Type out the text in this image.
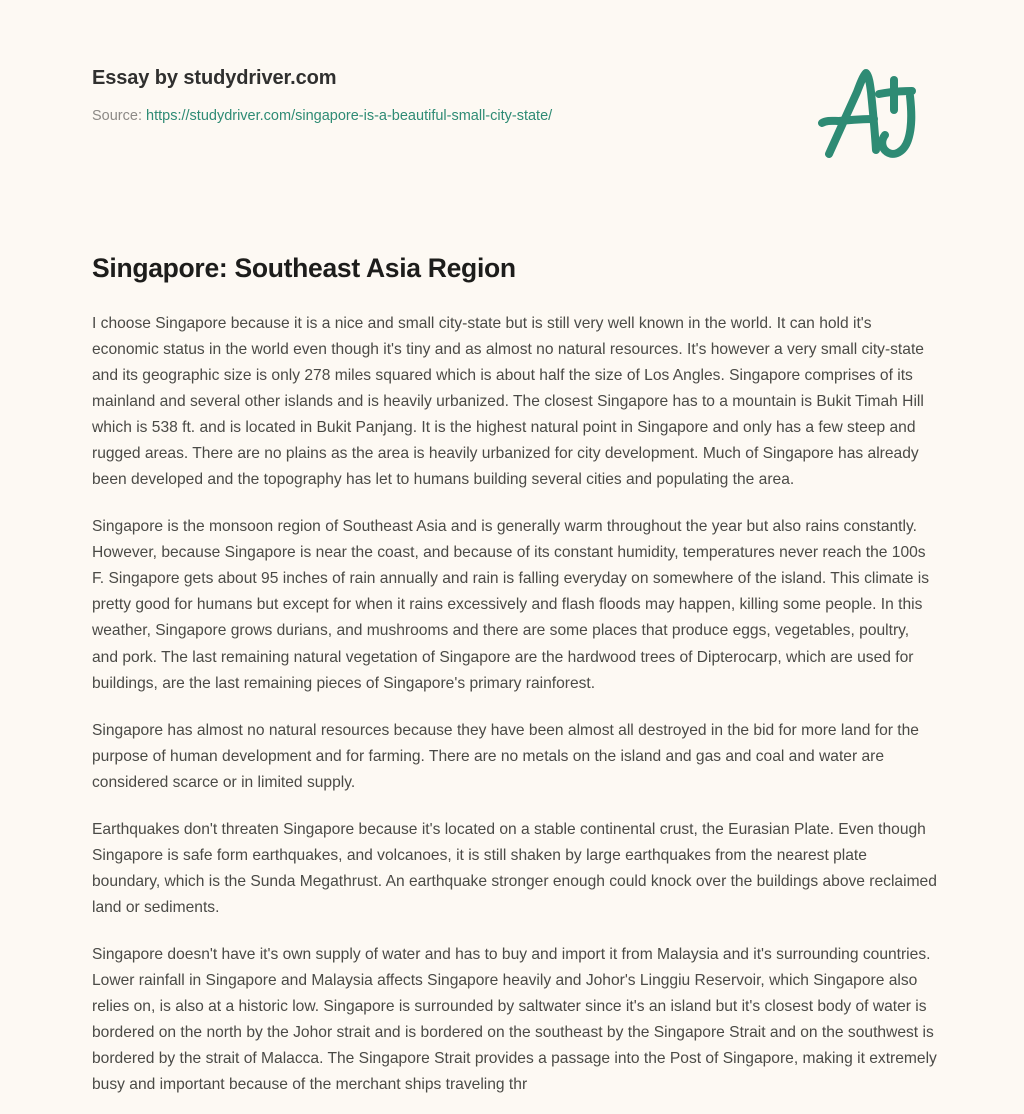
Essay by studydriver.com
Source: https://studydriver.com/singapore-is-a-beautiful-small-city-state/
Singapore: Southeast Asia Region

I choose Singapore because it is a nice and small city-state but is still very well known in the world. It can hold it's economic status in the world even though it's tiny and as almost no natural resources. It's however a very small city-state and its geographic size is only 278 miles squared which is about half the size of Los Angles. Singapore comprises of its mainland and several other islands and is heavily urbanized. The closest Singapore has to a mountain is Bukit Timah Hill which is 538 ft. and is located in Bukit Panjang. It is the highest natural point in Singapore and only has a few steep and rugged areas. There are no plains as the area is heavily urbanized for city development. Much of Singapore has already been developed and the topography has let to humans building several cities and populating the area.

Singapore is the monsoon region of Southeast Asia and is generally warm throughout the year but also rains constantly. However, because Singapore is near the coast, and because of its constant humidity, temperatures never reach the 100s F. Singapore gets about 95 inches of rain annually and rain is falling everyday on somewhere of the island. This climate is pretty good for humans but except for when it rains excessively and flash floods may happen, killing some people. In this weather, Singapore grows durians, and mushrooms and there are some places that produce eggs, vegetables, poultry, and pork. The last remaining natural vegetation of Singapore are the hardwood trees of Dipterocarp, which are used for buildings, are the last remaining pieces of Singapore's primary rainforest.

Singapore has almost no natural resources because they have been almost all destroyed in the bid for more land for the purpose of human development and for farming. There are no metals on the island and gas and coal and water are considered scarce or in limited supply.

Earthquakes don't threaten Singapore because it's located on a stable continental crust, the Eurasian Plate. Even though Singapore is safe form earthquakes, and volcanoes, it is still shaken by large earthquakes from the nearest plate boundary, which is the Sunda Megathrust. An earthquake stronger enough could knock over the buildings above reclaimed land or sediments.

Singapore doesn't have it's own supply of water and has to buy and import it from Malaysia and it's surrounding countries. Lower rainfall in Singapore and Malaysia affects Singapore heavily and Johor's Linggiu Reservoir, which Singapore also relies on, is also at a historic low. Singapore is surrounded by saltwater since it's an island but it's closest body of water is bordered on the north by the Johor strait and is bordered on the southeast by the Singapore Strait and on the southwest is bordered by the strait of Malacca. The Singapore Strait provides a passage into the Post of Singapore, making it extremely busy and important because of the merchant ships traveling thr
